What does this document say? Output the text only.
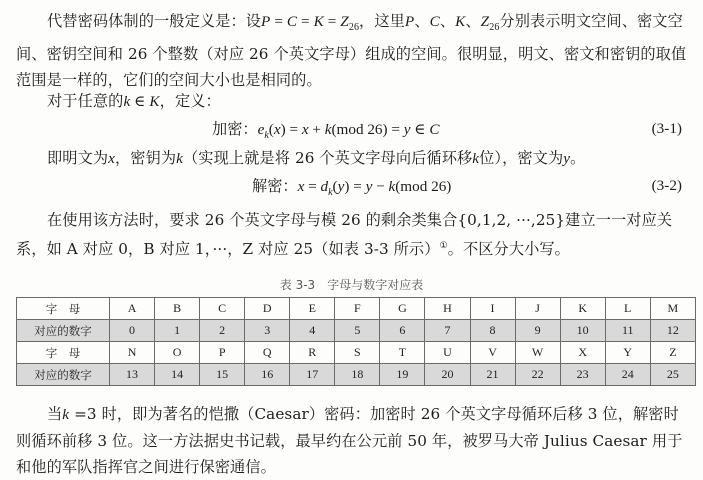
代替密码体制的一般定义是：设$P = C = K = Z_{26}$，这里P、C、K、$Z_{26}$分别表示明文空间、密文空间、密钥空间和 26 个整数（对应 26 个英文字母）组成的空间。很明显，明文、密文和密钥的取值范围是一样的，它们的空间大小也是相同的。

对于任意的k ∈ K，定义：

加密：$e_k(x) = x + k(mod$ 26) = y ∈ C	(3-1)

即明文为x，密钥为k（实现上就是将 26 个英文字母向后循环移k位），密文为y。

解密：$x = d_k(y) = y - k(mod$ 26)	(3-2)

在使用该方法时，要求 26 个英文字母与模 26 的剩余类集合{0,1,2, ···,25}建立一一对应关系，如 A 对应 0，B 对应 1，···，Z 对应 25（如表 3-3 所示）①。不区分大小写。

表 3-3　字母与数字对应表
字　母	A	B	C	D	E	F	G	H	I	J	K	L	M
对应的数字	0	1	2	3	4	5	6	7	8	9	10	11	12
字　母	N	O	P	Q	R	S	T	U	V	W	X	Y	Z
对应的数字	13	14	15	16	17	18	19	20	21	22	23	24	25

当k =3 时，即为著名的恺撒（Caesar）密码：加密时 26 个英文字母循环后移 3 位，解密时则循环前移 3 位。这一方法据史书记载，最早约在公元前 50 年，被罗马大帝 Julius Caesar 用于和他的军队指挥官之间进行保密通信。
